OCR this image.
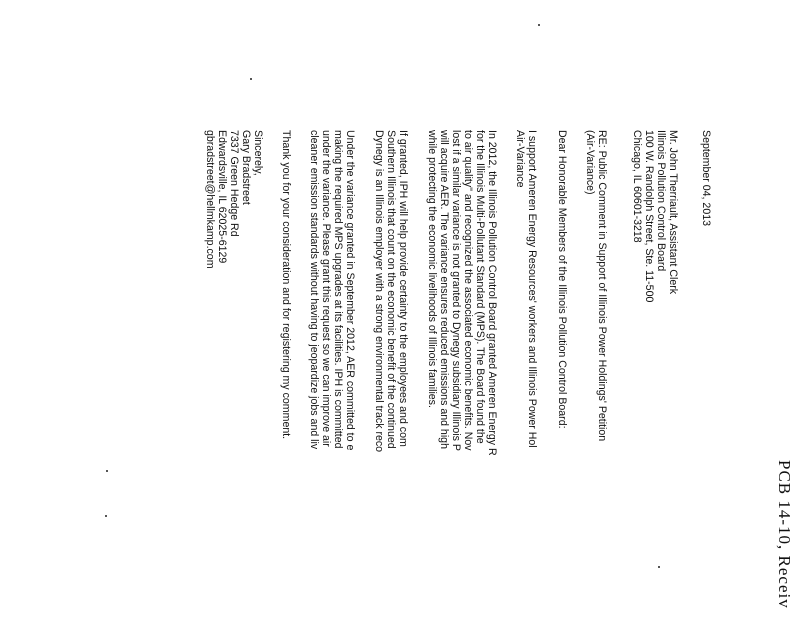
PCB 14-10, Receiv
September 04, 2013
Mr. John Therriault, Assistant Clerk
Illinois Pollution Control Board
100 W. Randolph Street, Ste. 11-500
Chicago, IL 60601-3218
RE: Public Comment in Support of Illinois Power Holdings' Petition
(Air-Variance)
Dear Honorable Members of the Illinois Pollution Control Board:
I support Ameren Energy Resources' workers and Illinois Power Hol
Air-Variance
In 2012, the Illinois Pollution Control Board granted Ameren Energy R
for the Illinois Multi-Pollutant Standard (MPS). The Board found the
to air quality" and recognized the associated economic benefits. Nov
lost if a similar variance is not granted to Dynegy subsidiary Illinois P
will acquire AER. The variance ensures reduced emissions and high
while protecting the economic livelihoods of Illinois families.
If granted, IPH will help provide certainty to the employees and com
Southern Illinois that count on the economic benefit of the continued
Dynegy is an Illinois employer with a strong environmental track reco
Under the variance granted in September 2012, AER committed to e
making the required MPS upgrades at its facilities. IPH is committed
under the variance. Please grant this request so we can improve air
cleaner emission standards without having to jeopardize jobs and liv
Thank you for your consideration and for registering my comment.
Sincerely,
Gary Bradstreet
7337 Green Hedge Rd
Edwardsville, IL 62025-6129
gbradstreet@hellmkamp.com
